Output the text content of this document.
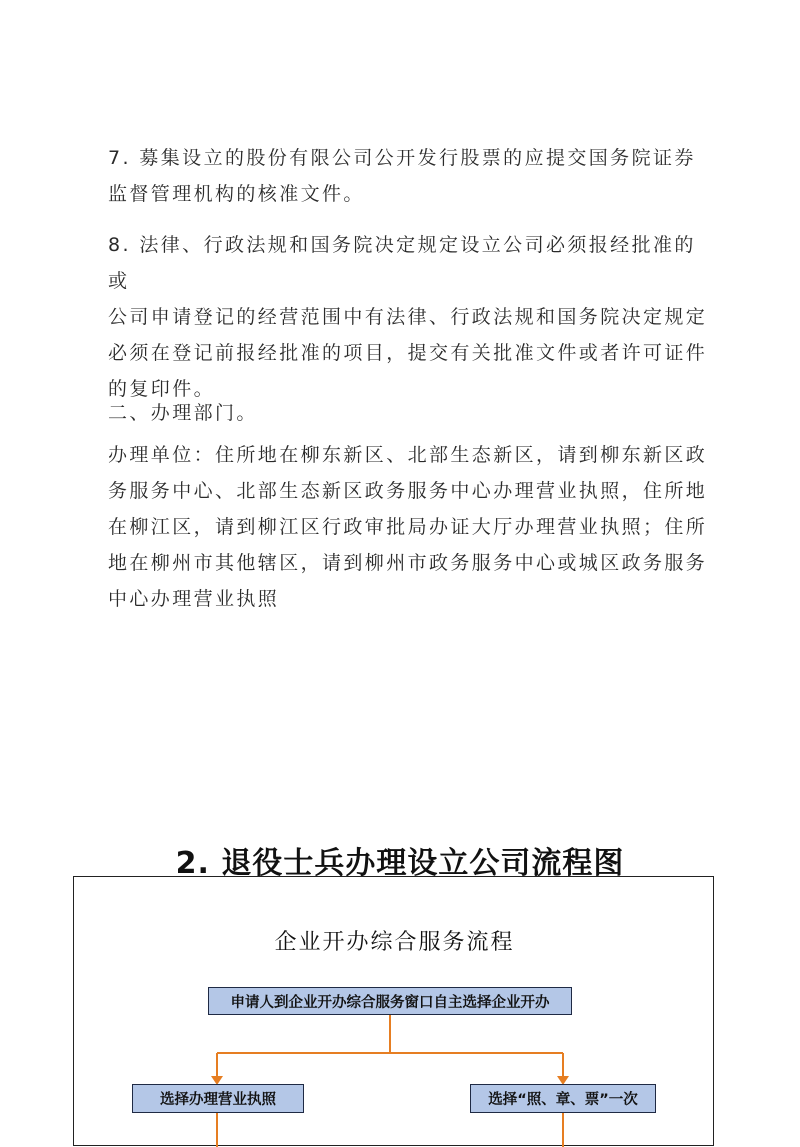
7. 募集设立的股份有限公司公开发行股票的应提交国务院证券
监督管理机构的核准文件。

8. 法律、行政法规和国务院决定规定设立公司必须报经批准的或
公司申请登记的经营范围中有法律、行政法规和国务院决定规定
必须在登记前报经批准的项目，提交有关批准文件或者许可证件
的复印件。

二、办理部门。

办理单位：住所地在柳东新区、北部生态新区，请到柳东新区政
务服务中心、北部生态新区政务服务中心办理营业执照，住所地
在柳江区，请到柳江区行政审批局办证大厅办理营业执照；住所
地在柳州市其他辖区，请到柳州市政务服务中心或城区政务服务
中心办理营业执照

2. 退役士兵办理设立公司流程图
企业开办综合服务流程
申请人到企业开办综合服务窗口自主选择企业开办
选择办理营业执照	选择“照、章、票”一次
